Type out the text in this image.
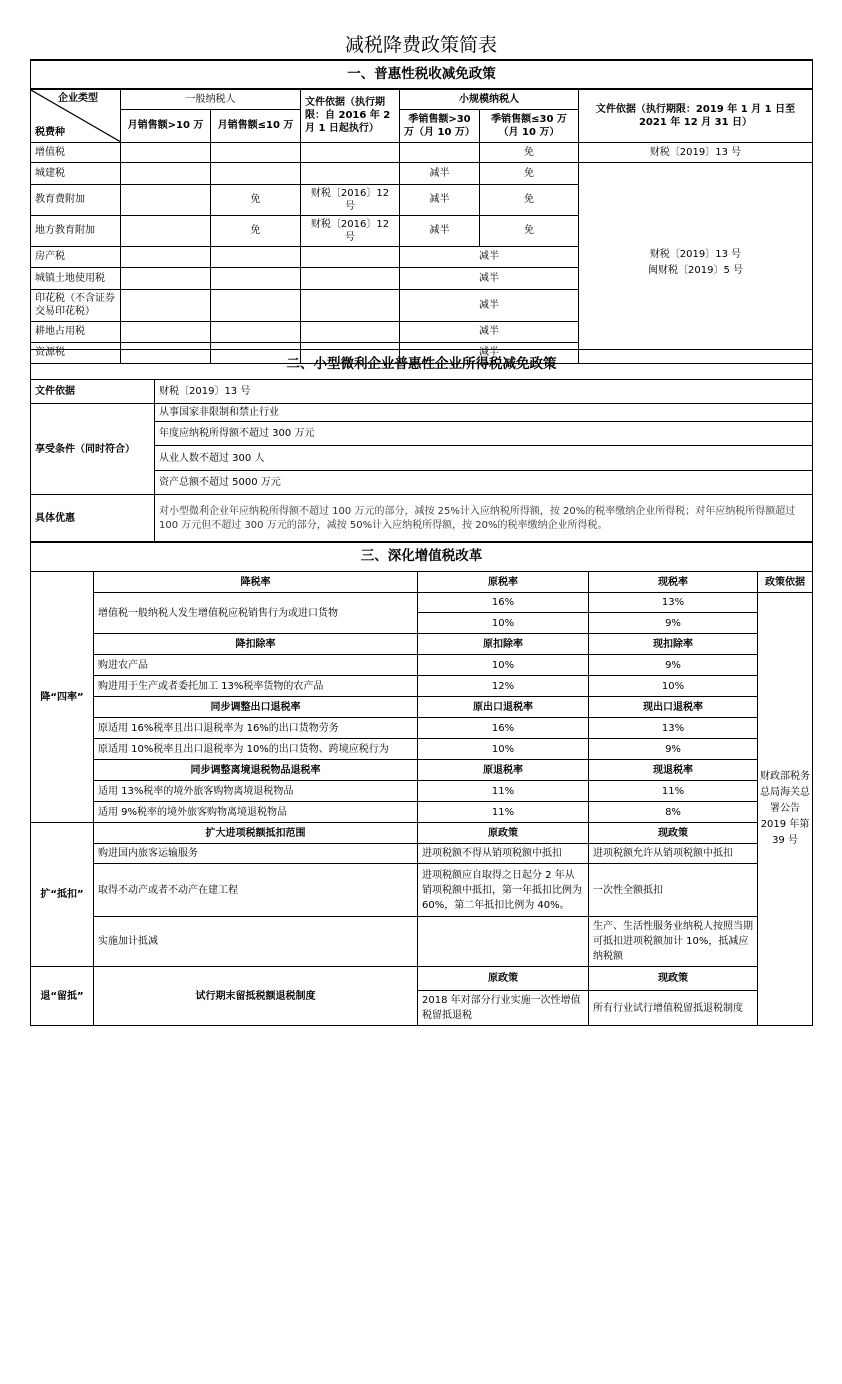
减税降费政策简表
一、普惠性税收减免政策						

企业类型
税费种	一般纳税人		文件依据（执行期限：自 2016 年 2 月 1 日起执行）	小规模纳税人		文件依据（执行期限：2019 年 1 月 1 日至 2021 年 12 月 31 日）
	月销售额>10 万	月销售额≤10 万		季销售额>30 万（月 10 万）	季销售额≤30 万（月 10 万）	
增值税					免	财税〔2019〕13 号
城建税				减半	免	财税〔2019〕13 号
闽财税〔2019〕5 号

教育费附加		免	财税〔2016〕12 号	减半	免	
地方教育附加		免	财税〔2016〕12 号	减半	免	
房产税				减半		
城镇土地使用税				减半		
印花税（不含证券交易印花税）				减半		
耕地占用税				减半		
资源税				减半		
二、小型微利企业普惠性企业所得税减免政策	
文件依据	财税〔2019〕13 号
享受条件（同时符合）	从事国家非限制和禁止行业
	年度应纳税所得额不超过 300 万元
	从业人数不超过 300 人
	资产总额不超过 5000 万元
具体优惠	对小型微利企业年应纳税所得额不超过 100 万元的部分，减按 25%计入应纳税所得额，按 20%的税率缴纳企业所得税；对年应纳税所得额超过 100 万元但不超过 300 万元的部分，减按 50%计入应纳税所得额，按 20%的税率缴纳企业所得税。
三、深化增值税改革				
降“四率”	降税率	原税率	现税率	政策依据
	增值税一般纳税人发生增值税应税销售行为或进口货物	16%	13%	财政部税务总局海关总署公告 2019 年第 39 号
		10%	9%	
	降扣除率	原扣除率	现扣除率	
	购进农产品	10%	9%	
	购进用于生产或者委托加工 13%税率货物的农产品	12%	10%	
	同步调整出口退税率	原出口退税率	现出口退税率	
	原适用 16%税率且出口退税率为 16%的出口货物劳务	16%	13%	
	原适用 10%税率且出口退税率为 10%的出口货物、跨境应税行为	10%	9%	
	同步调整离境退税物品退税率	原退税率	现退税率	
	适用 13%税率的境外旅客购物离境退税物品	11%	11%	
	适用 9%税率的境外旅客购物离境退税物品	11%	8%	
扩“抵扣”	扩大进项税额抵扣范围	原政策	现政策	
	购进国内旅客运输服务	进项税额不得从销项税额中抵扣	进项税额允许从销项税额中抵扣	
	取得不动产或者不动产在建工程	进项税额应自取得之日起分 2 年从销项税额中抵扣，第一年抵扣比例为 60%，第二年抵扣比例为 40%。	一次性全额抵扣	
	实施加计抵减		生产、生活性服务业纳税人按照当期可抵扣进项税额加计 10%，抵减应纳税额	
退“留抵”	试行期末留抵税额退税制度	原政策	现政策	
		2018 年对部分行业实施一次性增值税留抵退税	所有行业试行增值税留抵退税制度	
